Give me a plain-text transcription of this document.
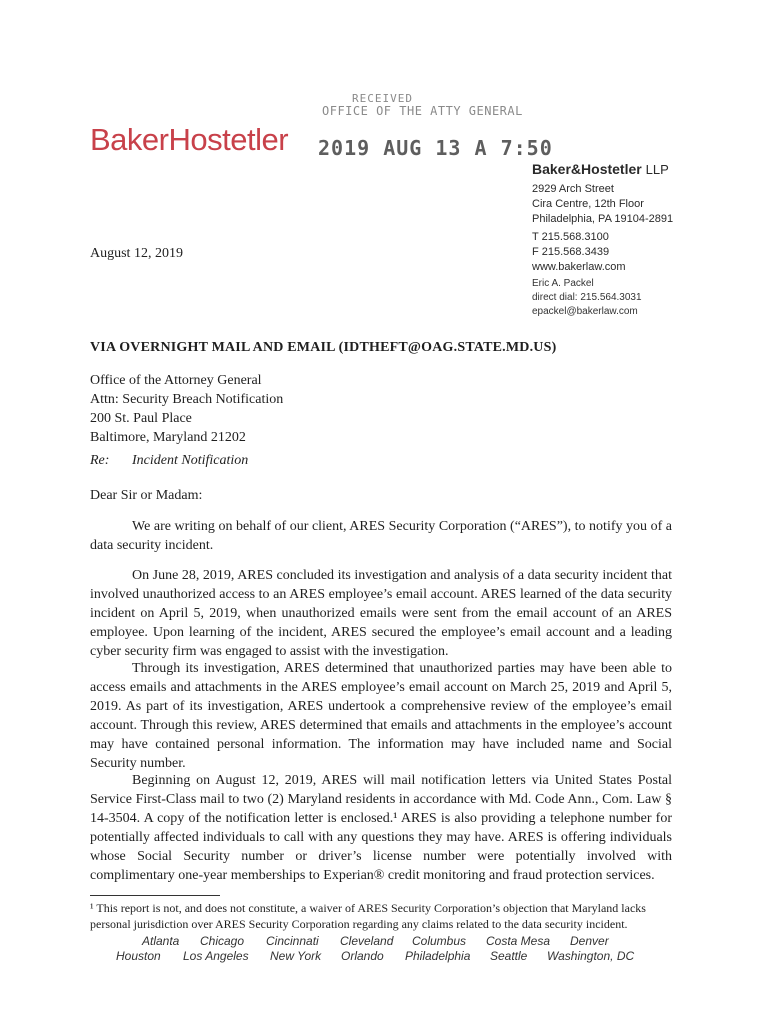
BakerHostetler
RECEIVED
OFFICE OF THE ATTY GENERAL
2019 AUG 13 A 7:50
Baker&Hostetler LLP
2929 Arch Street
Cira Centre, 12th Floor
Philadelphia, PA 19104-2891
T 215.568.3100
F 215.568.3439
www.bakerlaw.com
Eric A. Packel
direct dial: 215.564.3031
epackel@bakerlaw.com
August 12, 2019
VIA OVERNIGHT MAIL AND EMAIL (IDTHEFT@OAG.STATE.MD.US)
Office of the Attorney General
Attn: Security Breach Notification
200 St. Paul Place
Baltimore, Maryland 21202
Re: Incident Notification
Dear Sir or Madam:

We are writing on behalf of our client, ARES Security Corporation (“ARES”), to notify you of a data security incident.

On June 28, 2019, ARES concluded its investigation and analysis of a data security incident that involved unauthorized access to an ARES employee’s email account. ARES learned of the data security incident on April 5, 2019, when unauthorized emails were sent from the email account of an ARES employee. Upon learning of the incident, ARES secured the employee’s email account and a leading cyber security firm was engaged to assist with the investigation.

Through its investigation, ARES determined that unauthorized parties may have been able to access emails and attachments in the ARES employee’s email account on March 25, 2019 and April 5, 2019. As part of its investigation, ARES undertook a comprehensive review of the employee’s email account. Through this review, ARES determined that emails and attachments in the employee’s account may have contained personal information. The information may have included name and Social Security number.

Beginning on August 12, 2019, ARES will mail notification letters via United States Postal Service First-Class mail to two (2) Maryland residents in accordance with Md. Code Ann., Com. Law § 14-3504. A copy of the notification letter is enclosed.¹ ARES is also providing a telephone number for potentially affected individuals to call with any questions they may have. ARES is offering individuals whose Social Security number or driver’s license number were potentially involved with complimentary one-year memberships to Experian® credit monitoring and fraud protection services.

¹ This report is not, and does not constitute, a waiver of ARES Security Corporation’s objection that Maryland lacks personal jurisdiction over ARES Security Corporation regarding any claims related to the data security incident.

Atlanta Chicago Cincinnati Cleveland Columbus Costa Mesa Denver
Houston Los Angeles New York Orlando Philadelphia Seattle Washington, DC
